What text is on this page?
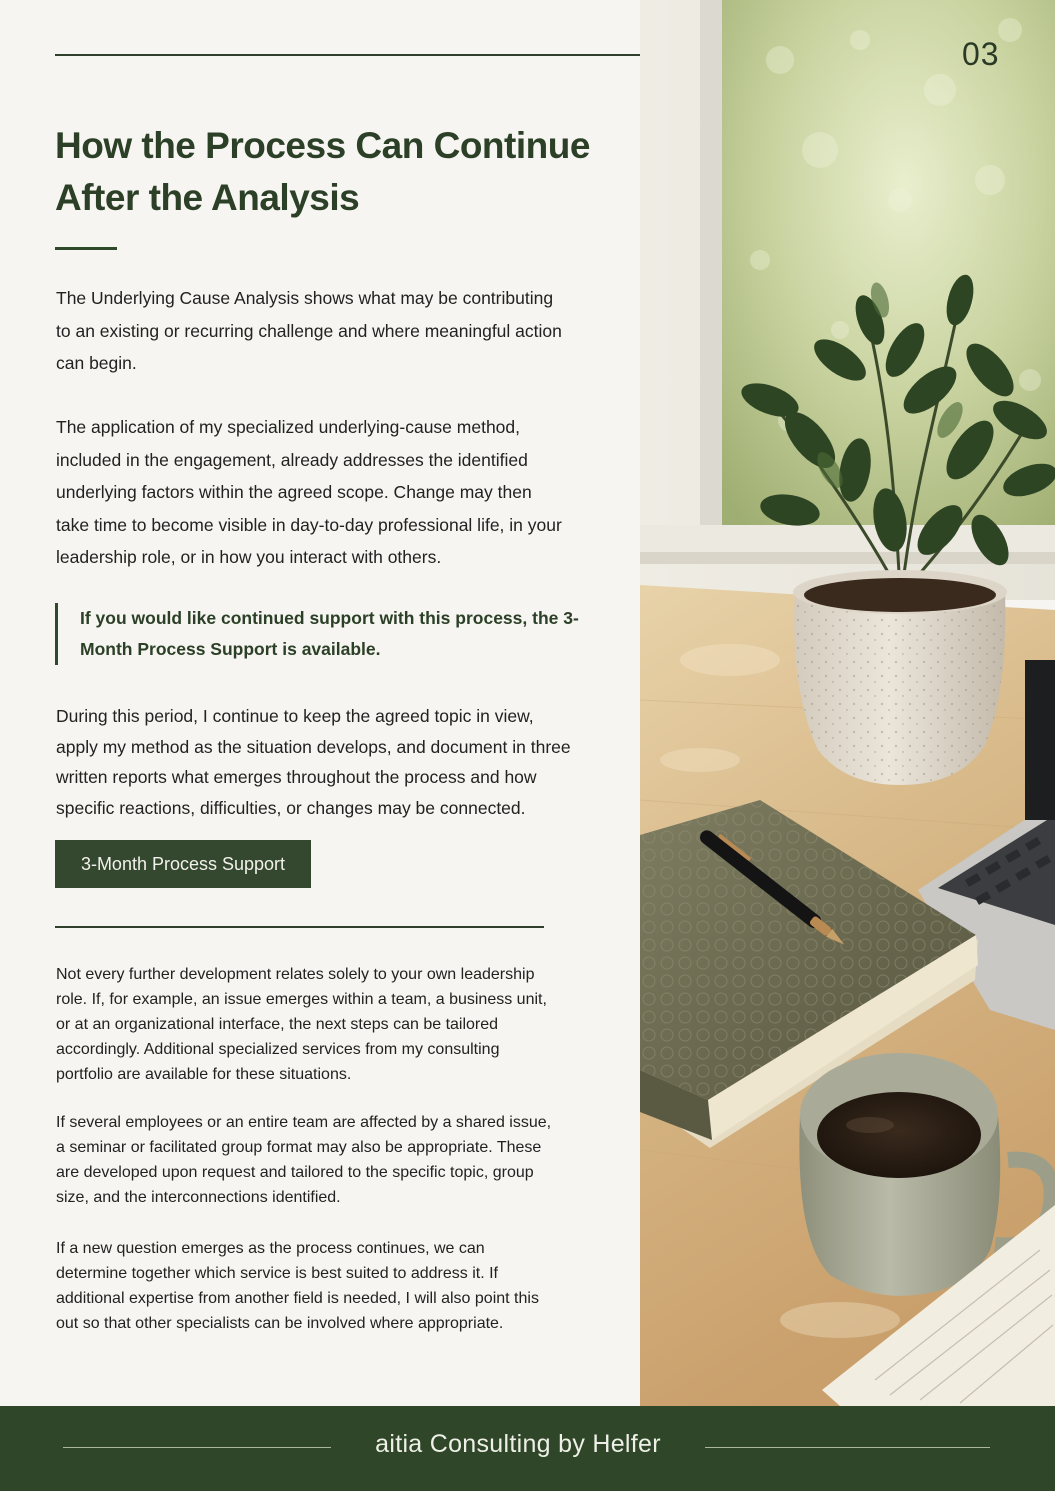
03
How the Process Can Continue
After the Analysis

The Underlying Cause Analysis shows what may be contributing to an existing or recurring challenge and where meaningful action can begin.

The application of my specialized underlying-cause method, included in the engagement, already addresses the identified underlying factors within the agreed scope. Change may then take time to become visible in day-to-day professional life, in your leadership role, or in how you interact with others.

If you would like continued support with this process, the 3-Month Process Support is available.

During this period, I continue to keep the agreed topic in view, apply my method as the situation develops, and document in three written reports what emerges throughout the process and how specific reactions, difficulties, or changes may be connected.

3-Month Process Support

Not every further development relates solely to your own leadership role. If, for example, an issue emerges within a team, a business unit, or at an organizational interface, the next steps can be tailored accordingly. Additional specialized services from my consulting portfolio are available for these situations.

If several employees or an entire team are affected by a shared issue, a seminar or facilitated group format may also be appropriate. These are developed upon request and tailored to the specific topic, group size, and the interconnections identified.

If a new question emerges as the process continues, we can determine together which service is best suited to address it. If additional expertise from another field is needed, I will also point this out so that other specialists can be involved where appropriate.

aitia Consulting by Helfer
